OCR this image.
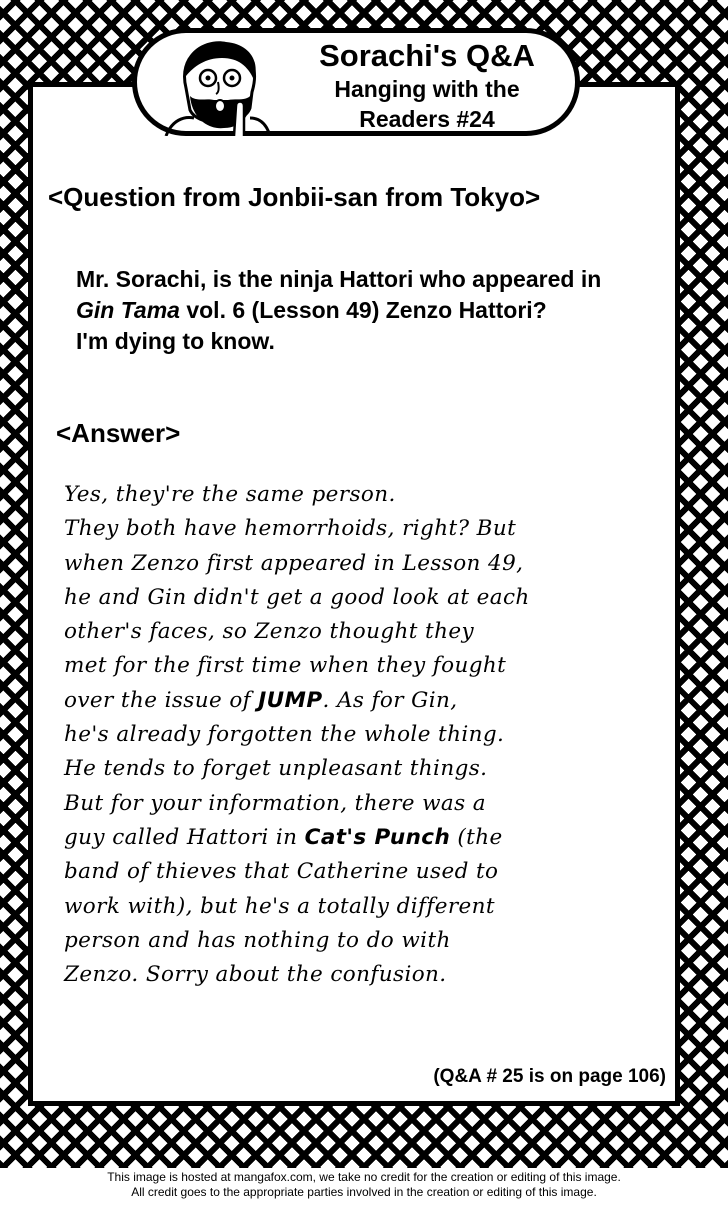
Sorachi's Q&A
Hanging with the
Readers #24
<Question from Jonbii-san from Tokyo>
Mr. Sorachi, is the ninja Hattori who appeared in
Gin Tama vol. 6 (Lesson 49) Zenzo Hattori?
I'm dying to know.
<Answer>
Yes, they're the same person.
They both have hemorrhoids, right? But
when Zenzo first appeared in Lesson 49,
he and Gin didn't get a good look at each
other's faces, so Zenzo thought they
met for the first time when they fought
over the issue of JUMP. As for Gin,
he's already forgotten the whole thing.
He tends to forget unpleasant things.
But for your information, there was a
guy called Hattori in Cat's Punch (the
band of thieves that Catherine used to
work with), but he's a totally different
person and has nothing to do with
Zenzo. Sorry about the confusion.
(Q&A # 25 is on page 106)
This image is hosted at mangafox.com, we take no credit for the creation or editing of this image.
All credit goes to the appropriate parties involved in the creation or editing of this image.
